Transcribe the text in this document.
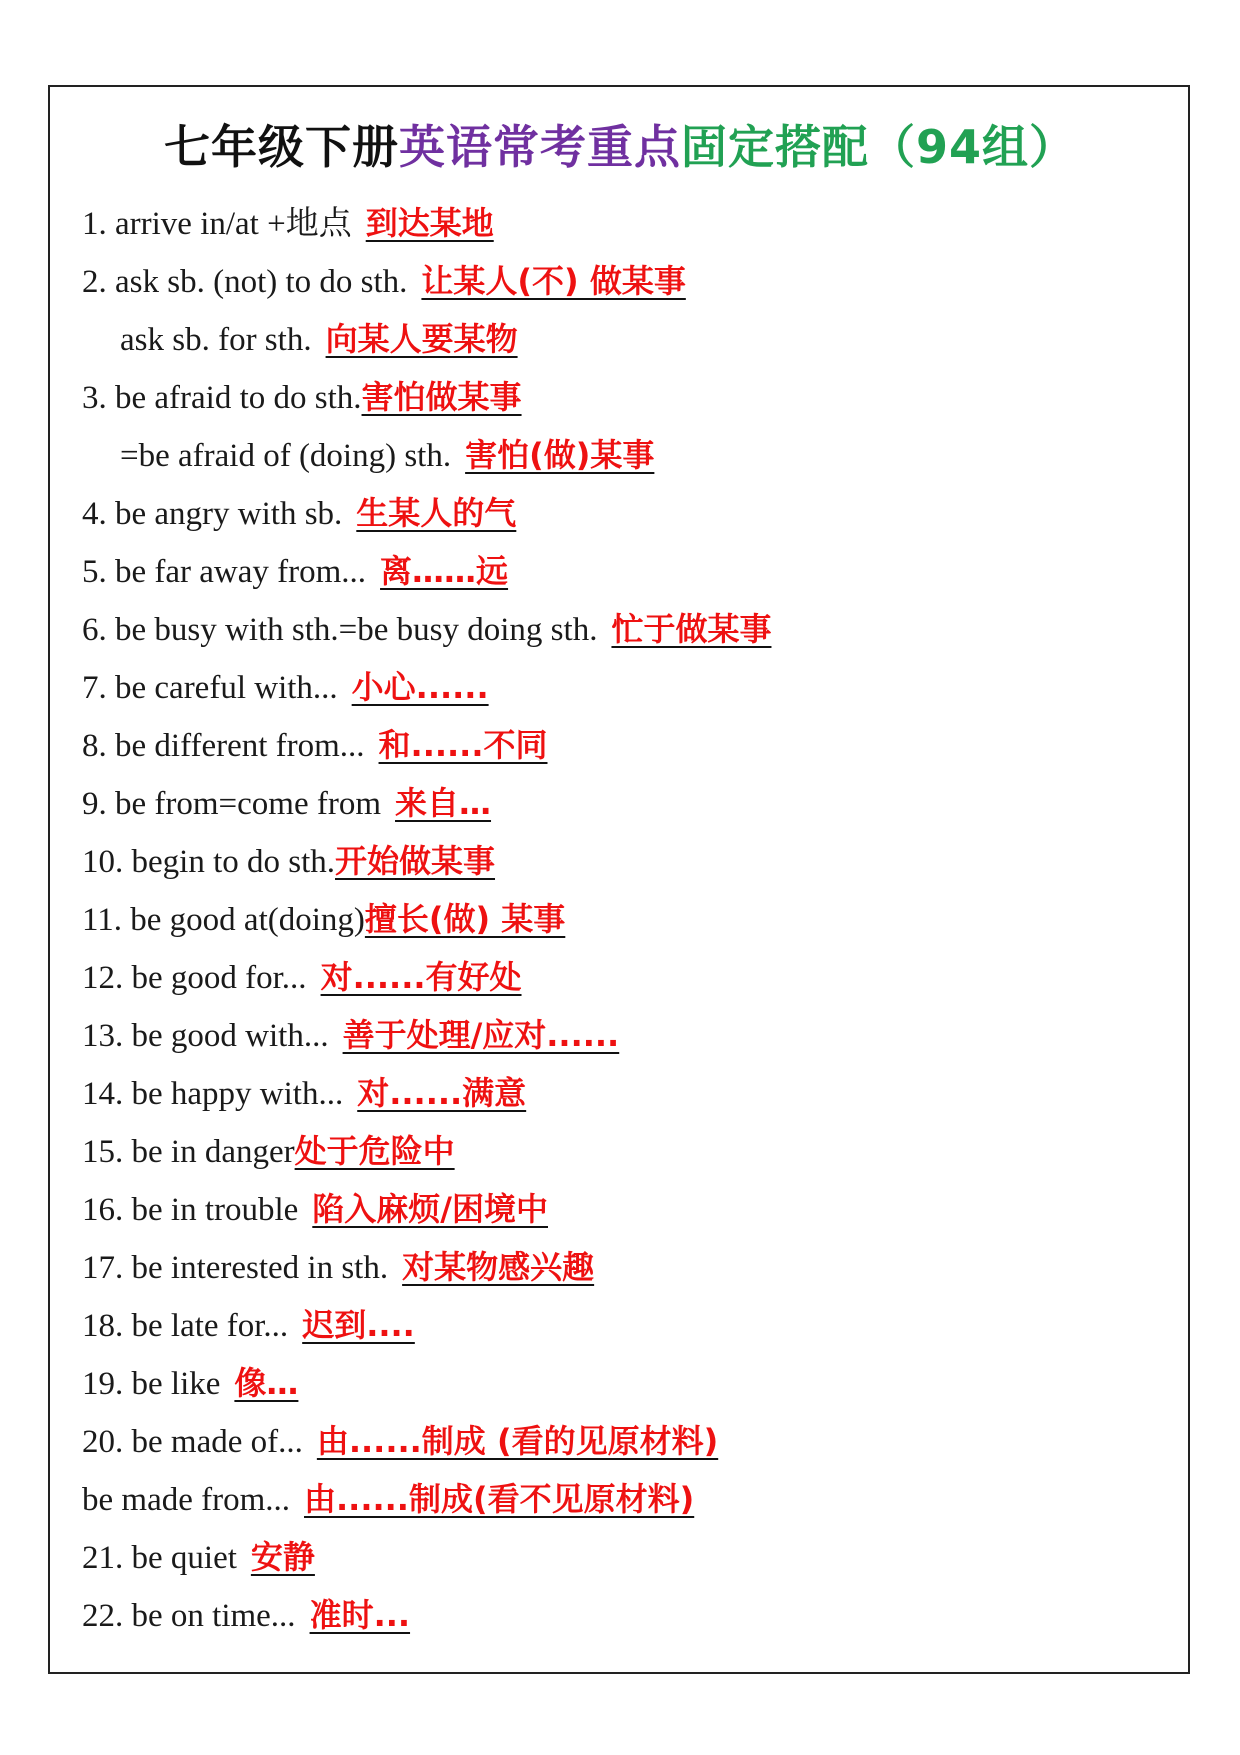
七年级下册英语常考重点固定搭配（94组）
1. arrive in/at +地点 到达某地
2. ask sb. (not) to do sth. 让某人(不) 做某事
ask sb. for sth. 向某人要某物
3. be afraid to do sth.害怕做某事
=be afraid of (doing) sth. 害怕(做)某事
4. be angry with sb. 生某人的气
5. be far away from... 离……远
6. be busy with sth.=be busy doing sth. 忙于做某事
7. be careful with... 小心......
8. be different from... 和......不同
9. be from=come from 来自…
10. begin to do sth.开始做某事
11. be good at(doing)擅长(做) 某事
12. be good for... 对......有好处
13. be good with... 善于处理/应对......
14. be happy with... 对......满意
15. be in danger处于危险中
16. be in trouble 陷入麻烦/困境中
17. be interested in sth. 对某物感兴趣
18. be late for... 迟到....
19. be like 像…
20. be made of... 由......制成 (看的见原材料)
be made from... 由......制成(看不见原材料)
21. be quiet 安静
22. be on time... 准时...
